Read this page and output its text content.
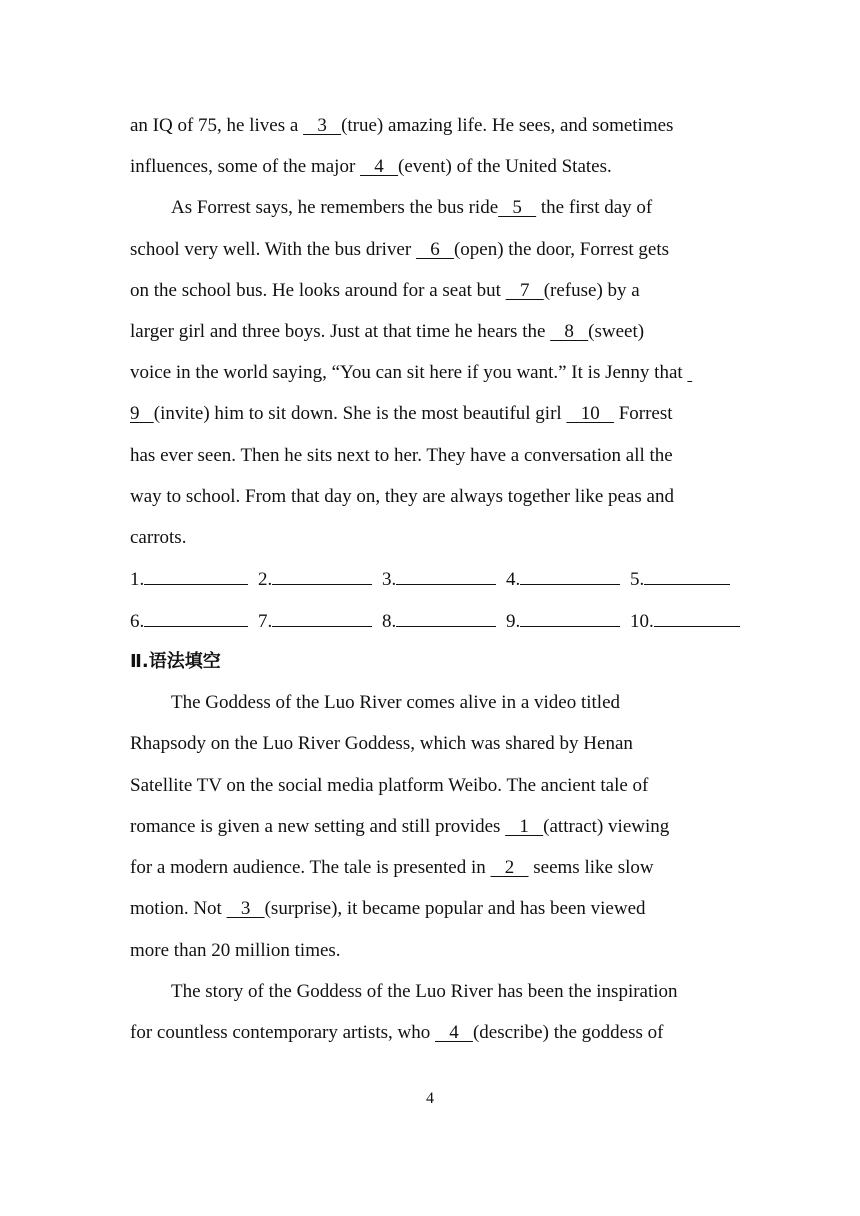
an IQ of 75, he lives a    3   (true) amazing life. He sees, and sometimes
influences, some of the major    4   (event) of the United States.
As Forrest says, he remembers the bus ride   5    the first day of
school very well. With the bus driver    6   (open) the door, Forrest gets
on the school bus. He looks around for a seat but    7   (refuse) by a
larger girl and three boys. Just at that time he hears the    8   (sweet)
voice in the world saying, “You can sit here if you want.” It is Jenny that
9   (invite) him to sit down. She is the most beautiful girl    10    Forrest
has ever seen. Then he sits next to her. They have a conversation all the
way to school. From that day on, they are always together like peas and
carrots.
1.	2.	3.	4.	5.
6.	7.	8.	9.	10.
Ⅱ.语法填空
The Goddess of the Luo River comes alive in a video titled
Rhapsody on the Luo River Goddess, which was shared by Henan
Satellite TV on the social media platform Weibo. The ancient tale of
romance is given a new setting and still provides    1   (attract) viewing
for a modern audience. The tale is presented in    2    seems like slow
motion. Not    3   (surprise), it became popular and has been viewed
more than 20 million times.
The story of the Goddess of the Luo River has been the inspiration
for countless contemporary artists, who    4   (describe) the goddess of
4
